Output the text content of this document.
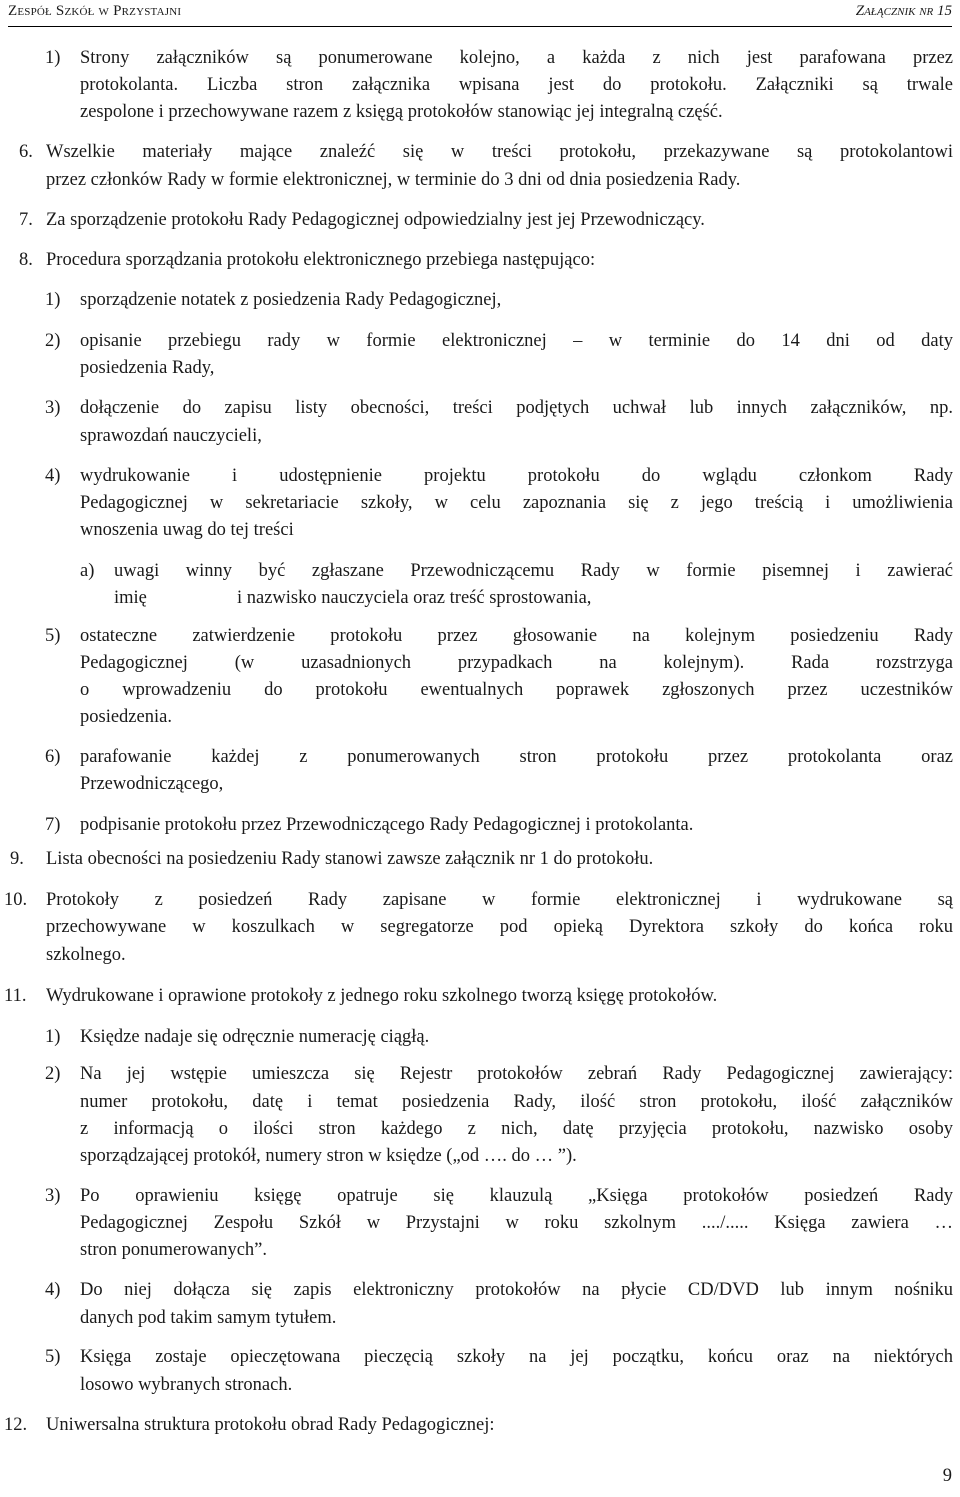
Zespół Szkół w Przystajni	Załącznik nr 15
1) Strony załączników są ponumerowane kolejno, a każda z nich jest parafowana przez
protokolanta. Liczba stron załącznika wpisana jest do protokołu. Załączniki są trwale
zespolone i przechowywane razem z księgą protokołów stanowiąc jej integralną część.
6. Wszelkie materiały mające znaleźć się w treści protokołu, przekazywane są protokolantowi
przez członków Rady w formie elektronicznej, w terminie do 3 dni od dnia posiedzenia Rady.
7. Za sporządzenie protokołu Rady Pedagogicznej odpowiedzialny jest jej Przewodniczący.
8. Procedura sporządzania protokołu elektronicznego przebiega następująco:
1) sporządzenie notatek z posiedzenia Rady Pedagogicznej,
2) opisanie przebiegu rady w formie elektronicznej – w terminie do 14 dni od daty
posiedzenia Rady,
3) dołączenie do zapisu listy obecności, treści podjętych uchwał lub innych załączników, np.
sprawozdań nauczycieli,
4) wydrukowanie i udostępnienie projektu protokołu do wglądu członkom Rady
Pedagogicznej w sekretariacie szkoły, w celu zapoznania się z jego treścią i umożliwienia
wnoszenia uwag do tej treści
a) uwagi winny być zgłaszane Przewodniczącemu Rady w formie pisemnej i zawierać
imię	i nazwisko nauczyciela oraz treść sprostowania,
5) ostateczne zatwierdzenie protokołu przez głosowanie na kolejnym posiedzeniu Rady
Pedagogicznej (w uzasadnionych przypadkach na kolejnym). Rada rozstrzyga
o wprowadzeniu do protokołu ewentualnych poprawek zgłoszonych przez uczestników
posiedzenia.
6) parafowanie każdej z ponumerowanych stron protokołu przez protokolanta oraz
Przewodniczącego,
7) podpisanie protokołu przez Przewodniczącego Rady Pedagogicznej i protokolanta.
9. Lista obecności na posiedzeniu Rady stanowi zawsze załącznik nr 1 do protokołu.
10. Protokoły z posiedzeń Rady zapisane w formie elektronicznej i wydrukowane są
przechowywane w koszulkach w segregatorze pod opieką Dyrektora szkoły do końca roku
szkolnego.
11. Wydrukowane i oprawione protokoły z jednego roku szkolnego tworzą księgę protokołów.
1) Księdze nadaje się odręcznie numerację ciągłą.
2) Na jej wstępie umieszcza się Rejestr protokołów zebrań Rady Pedagogicznej zawierający:
numer protokołu, datę i temat posiedzenia Rady, ilość stron protokołu, ilość załączników
z informacją o ilości stron każdego z nich, datę przyjęcia protokołu, nazwisko osoby
sporządzającej protokół, numery stron w księdze („od …. do … ”).
3) Po oprawieniu księgę opatruje się klauzulą „Księga protokołów posiedzeń Rady
Pedagogicznej Zespołu Szkół w Przystajni w roku szkolnym ..../..... Księga zawiera …
stron ponumerowanych”.
4) Do niej dołącza się zapis elektroniczny protokołów na płycie CD/DVD lub innym nośniku
danych pod takim samym tytułem.
5) Księga zostaje opieczętowana pieczęcią szkoły na jej początku, końcu oraz na niektórych
losowo wybranych stronach.
12. Uniwersalna struktura protokołu obrad Rady Pedagogicznej:
9
